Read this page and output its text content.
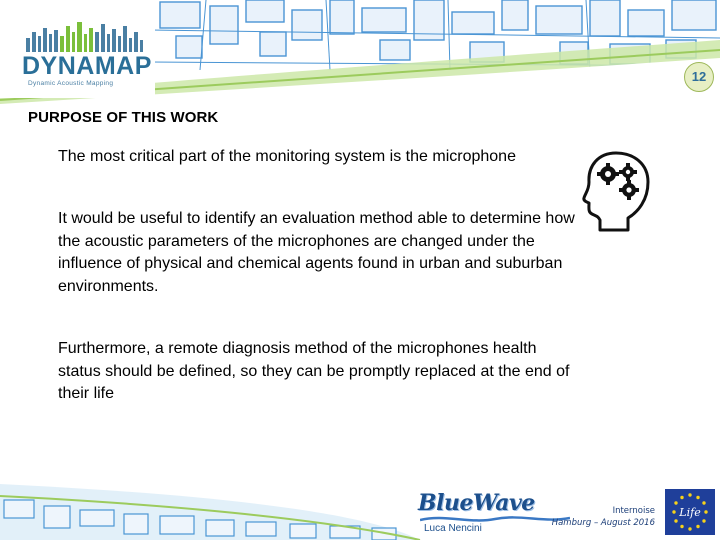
DYNAMAP
Dynamic Acoustic Mapping	12
PURPOSE OF THIS WORK

The most critical part of the monitoring system is the microphone

It would be useful to identify an evaluation method able to determine how the acoustic parameters of the microphones are changed under the influence of physical and chemical agents found in urban and suburban environments.

Furthermore, a remote diagnosis method of the microphones health status should be defined, so they can be promptly replaced at the end of their life

BlueWave
Luca Nencini
Internoise
Hamburg – August 2016
Life
